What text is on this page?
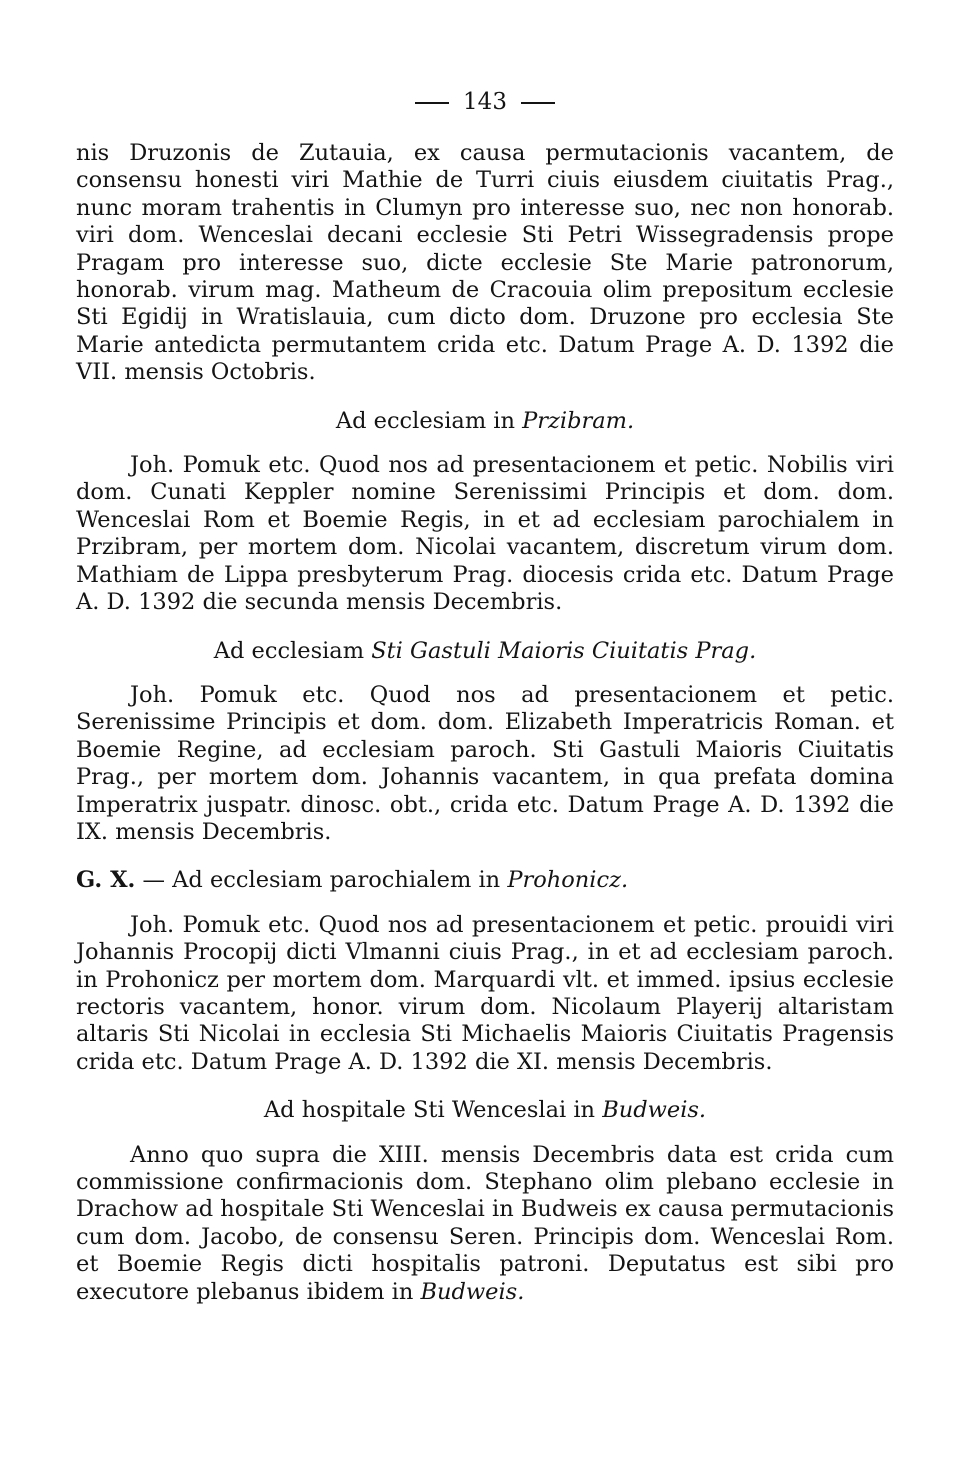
143

nis Druzonis de Zutauia, ex causa permutacionis vacantem, de consensu honesti viri Mathie de Turri ciuis eiusdem ciuitatis Prag., nunc moram trahentis in Clumyn pro interesse suo, nec non honorab. viri dom. Wenceslai decani ecclesie Sti Petri Wissegradensis prope Pragam pro interesse suo, dicte ecclesie Ste Marie patronorum, honorab. virum mag. Matheum de Cracouia olim prepositum ecclesie Sti Egidij in Wratislauia, cum dicto dom. Druzone pro ecclesia Ste Marie antedicta permutantem crida etc. Datum Prage A. D. 1392 die VII. mensis Octobris.

Ad ecclesiam in Przibram.

Joh. Pomuk etc. Quod nos ad presentacionem et petic. Nobilis viri dom. Cunati Keppler nomine Serenissimi Principis et dom. dom. Wenceslai Rom et Boemie Regis, in et ad ecclesiam parochialem in Przibram, per mortem dom. Nicolai vacantem, discretum virum dom. Mathiam de Lippa presbyterum Prag. diocesis crida etc. Datum Prage A. D. 1392 die secunda mensis Decembris.

Ad ecclesiam Sti Gastuli Maioris Ciuitatis Prag.

Joh. Pomuk etc. Quod nos ad presentacionem et petic. Serenissime Principis et dom. dom. Elizabeth Imperatricis Roman. et Boemie Regine, ad ecclesiam paroch. Sti Gastuli Maioris Ciuitatis Prag., per mortem dom. Johannis vacantem, in qua prefata domina Imperatrix juspatr. dinosc. obt., crida etc. Datum Prage A. D. 1392 die IX. mensis Decembris.

G. X. — Ad ecclesiam parochialem in Prohonicz.

Joh. Pomuk etc. Quod nos ad presentacionem et petic. prouidi viri Johannis Procopij dicti Vlmanni ciuis Prag., in et ad ecclesiam paroch. in Prohonicz per mortem dom. Marquardi vlt. et immed. ipsius ecclesie rectoris vacantem, honor. virum dom. Nicolaum Playerij altaristam altaris Sti Nicolai in ecclesia Sti Michaelis Maioris Ciuitatis Pragensis crida etc. Datum Prage A. D. 1392 die XI. mensis Decembris.

Ad hospitale Sti Wenceslai in Budweis.

Anno quo supra die XIII. mensis Decembris data est crida cum commissione confirmacionis dom. Stephano olim plebano ecclesie in Drachow ad hospitale Sti Wenceslai in Budweis ex causa permutacionis cum dom. Jacobo, de consensu Seren. Principis dom. Wenceslai Rom. et Boemie Regis dicti hospitalis patroni. Deputatus est sibi pro executore plebanus ibidem in Budweis.
